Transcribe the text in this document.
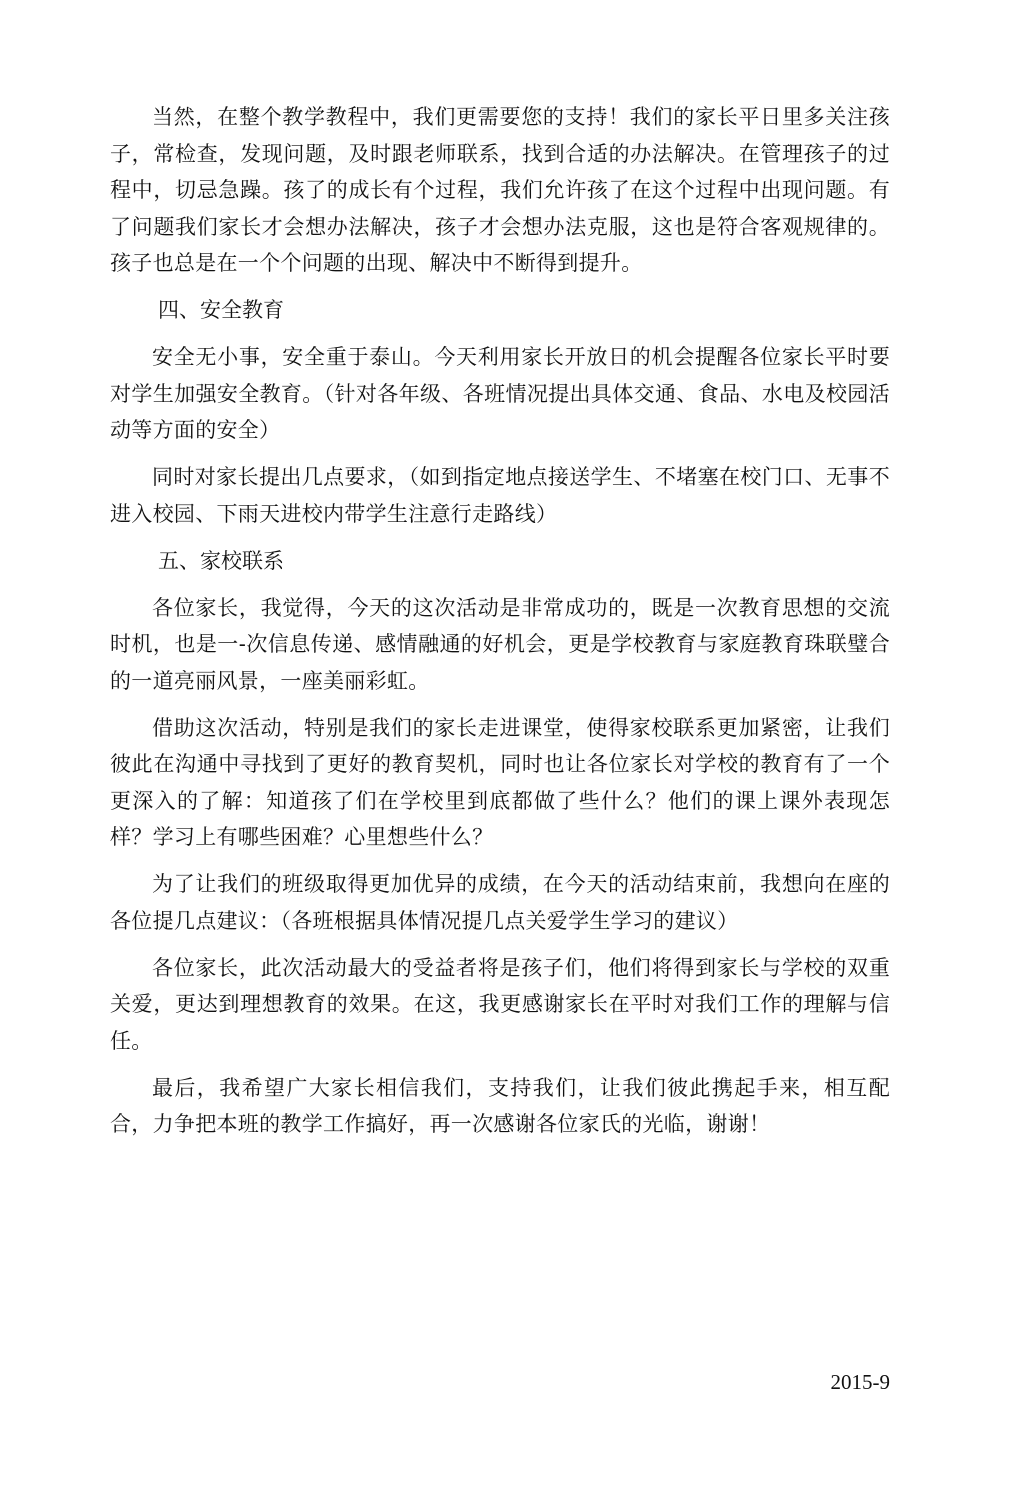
当然，在整个教学教程中，我们更需要您的支持！我们的家长平日里多关注孩子，常检查，发现问题，及时跟老师联系，找到合适的办法解决。在管理孩子的过程中，切忌急躁。孩了的成长有个过程，我们允许孩了在这个过程中出现问题。有了问题我们家长才会想办法解决，孩子才会想办法克服，这也是符合客观规律的。孩子也总是在一个个问题的出现、解决中不断得到提升。

四、安全教育

安全无小事，安全重于泰山。今天利用家长开放日的机会提醒各位家长平时要对学生加强安全教育。（针对各年级、各班情况提出具体交通、食品、水电及校园活动等方面的安全）

同时对家长提出几点要求，（如到指定地点接送学生、不堵塞在校门口、无事不进入校园、下雨天进校内带学生注意行走路线）

五、家校联系

各位家长，我觉得，今天的这次活动是非常成功的，既是一次教育思想的交流时机，也是一-次信息传递、感情融通的好机会，更是学校教育与家庭教育珠联璧合的一道亮丽风景，一座美丽彩虹。

借助这次活动，特别是我们的家长走进课堂，使得家校联系更加紧密，让我们彼此在沟通中寻找到了更好的教育契机，同时也让各位家长对学校的教育有了一个更深入的了解：知道孩了们在学校里到底都做了些什么？他们的课上课外表现怎样？学习上有哪些困难？心里想些什么？

为了让我们的班级取得更加优异的成绩，在今天的活动结束前，我想向在座的各位提几点建议：（各班根据具体情况提几点关爱学生学习的建议）

各位家长，此次活动最大的受益者将是孩子们，他们将得到家长与学校的双重关爱，更达到理想教育的效果。在这，我更感谢家长在平时对我们工作的理解与信任。

最后，我希望广大家长相信我们，支持我们，让我们彼此携起手来，相互配合，力争把本班的教学工作搞好，再一次感谢各位家氏的光临，谢谢！

2015-9
